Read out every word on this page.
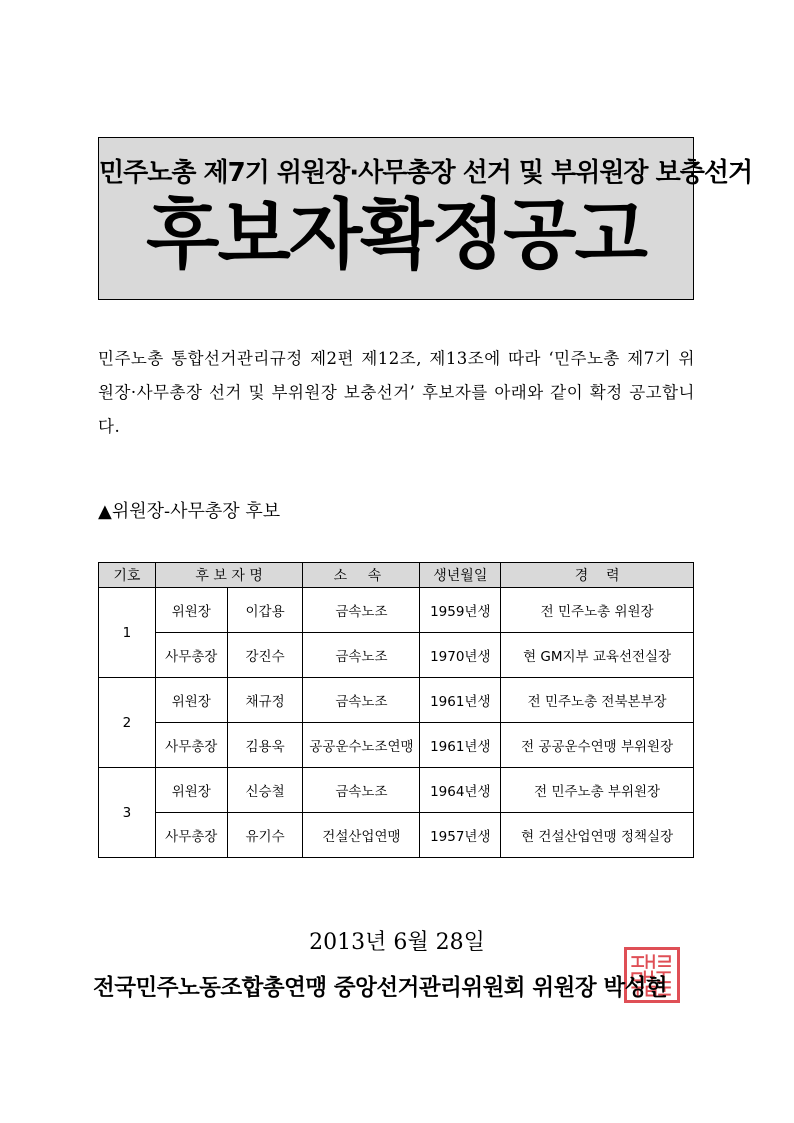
민주노총 제7기 위원장·사무총장 선거 및 부위원장 보충선거
후보자확정공고
민주노총 통합선거관리규정 제2편 제12조, 제13조에 따라 ‘민주노총 제7기 위원장·사무총장 선거 및 부위원장 보충선거’ 후보자를 아래와 같이 확정 공고합니다.
▲위원장-사무총장 후보
기호	후 보 자 명		소 속	생년월일	경    력
1	위원장	이갑용	금속노조	1959년생	전 민주노총 위원장
	사무총장	강진수	금속노조	1970년생	현 GM지부 교육선전실장
2	위원장	채규정	금속노조	1961년생	전 민주노총 전북본부장
	사무총장	김용욱	공공운수노조연맹	1961년생	전 공공운수연맹 부위원장
3	위원장	신승철	금속노조	1964년생	전 민주노총 부위원장
	사무총장	유기수	건설산업연맹	1957년생	현 건설산업연맹 정책실장
2013년 6월 28일
전국민주노동조합총연맹 중앙선거관리위원회 위원장 박성현
